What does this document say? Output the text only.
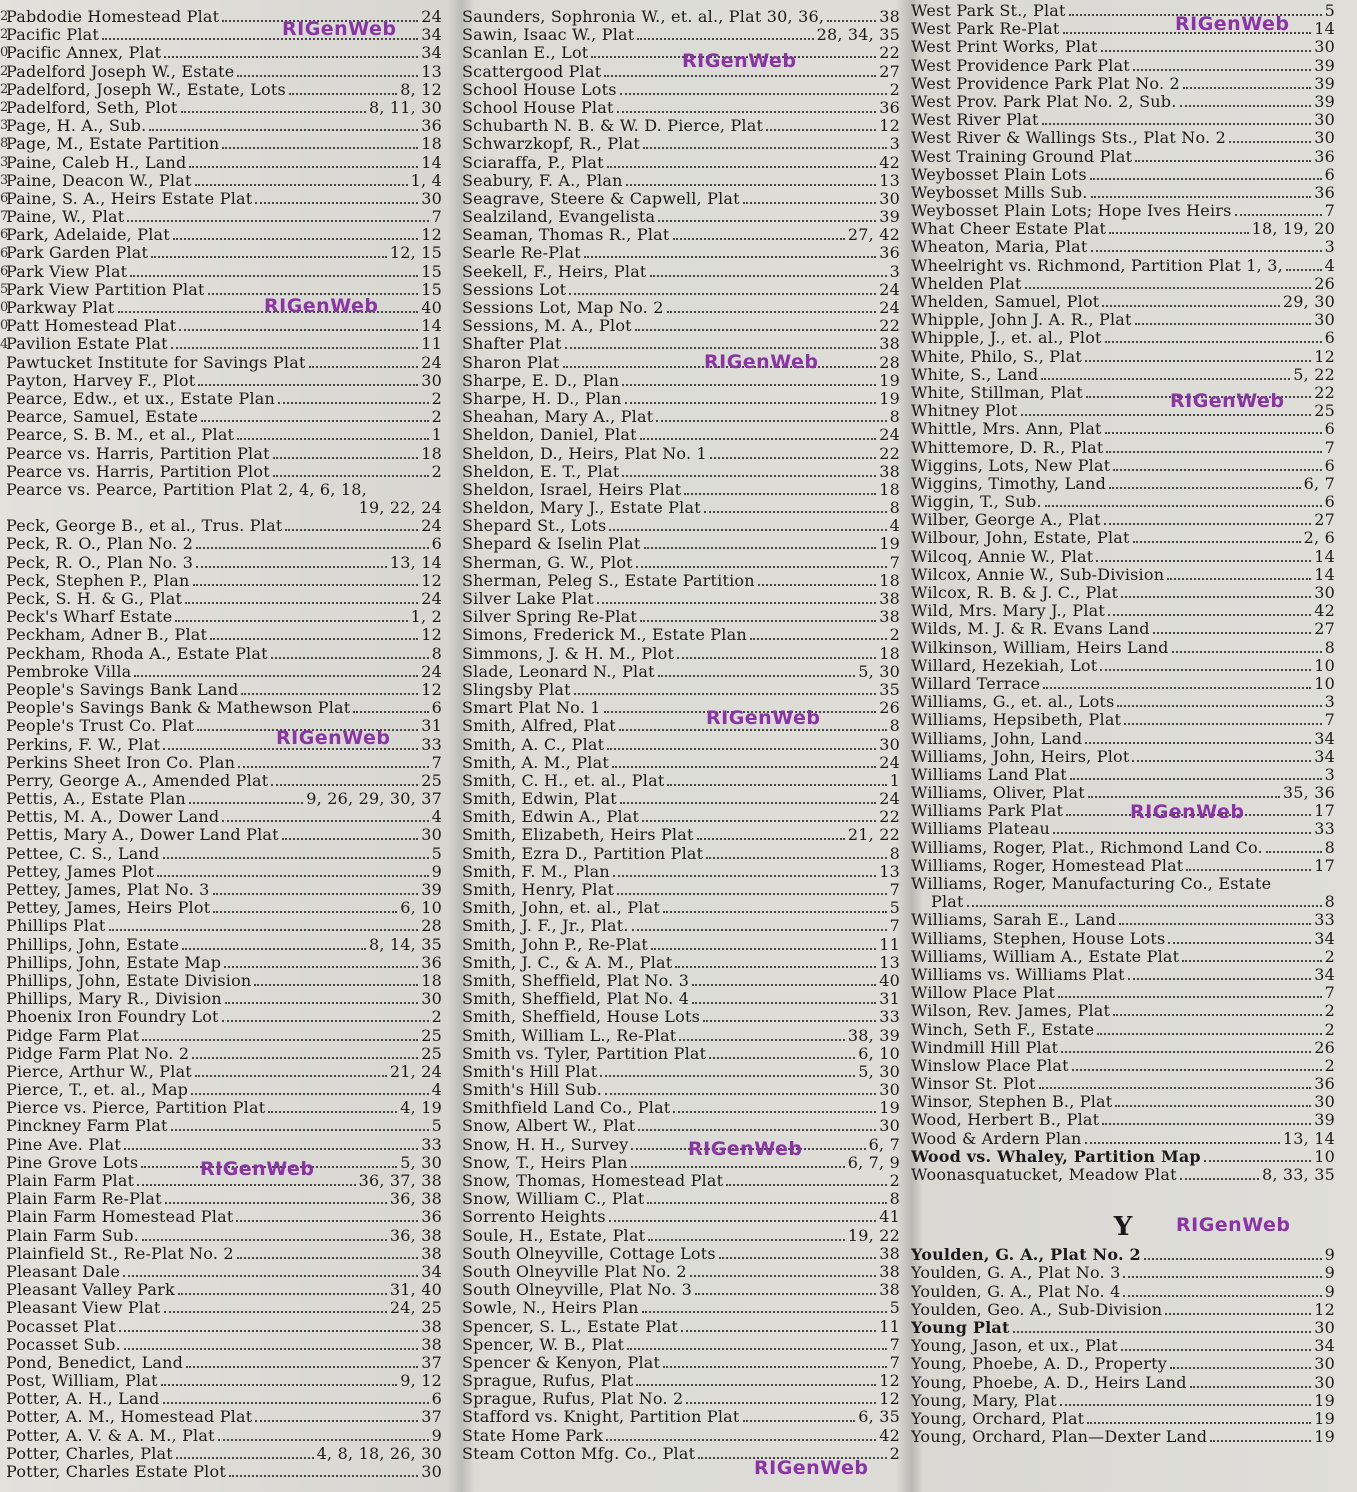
2
2
0
2
2
2
3
8
3
3
6
7
6
6
6
5
0
0
4
Pabdodie Homestead Plat	24
Pacific Plat	34
Pacific Annex, Plat	34
Padelford Joseph W., Estate	13
Padelford, Joseph W., Estate, Lots	8, 12
Padelford, Seth, Plot	8, 11, 30
Page, H. A., Sub.	36
Page, M., Estate Partition	18
Paine, Caleb H., Land	14
Paine, Deacon W., Plat	1, 4
Paine, S. A., Heirs Estate Plat	30
Paine, W., Plat	7
Park, Adelaide, Plat	12
Park Garden Plat	12, 15
Park View Plat	15
Park View Partition Plat	15
Parkway Plat	40
Patt Homestead Plat	14
Pavilion Estate Plat	11
Pawtucket Institute for Savings Plat	24
Payton, Harvey F., Plot	30
Pearce, Edw., et ux., Estate Plan	2
Pearce, Samuel, Estate	2
Pearce, S. B. M., et al., Plat	1
Pearce vs. Harris, Partition Plat	18
Pearce vs. Harris, Partition Plot	2
Pearce vs. Pearce, Partition Plat 2, 4, 6, 18,
19, 22, 24
Peck, George B., et al., Trus. Plat	24
Peck, R. O., Plan No. 2	6
Peck, R. O., Plan No. 3	13, 14
Peck, Stephen P., Plan	12
Peck, S. H. & G., Plat	24
Peck's Wharf Estate	1, 2
Peckham, Adner B., Plat	12
Peckham, Rhoda A., Estate Plat	8
Pembroke Villa	24
People's Savings Bank Land	12
People's Savings Bank & Mathewson Plat	6
People's Trust Co. Plat	31
Perkins, F. W., Plat	33
Perkins Sheet Iron Co. Plan	7
Perry, George A., Amended Plat	25
Pettis, A., Estate Plan	9, 26, 29, 30, 37
Pettis, M. A., Dower Land	4
Pettis, Mary A., Dower Land Plat	30
Pettee, C. S., Land	5
Pettey, James Plot	9
Pettey, James, Plat No. 3	39
Pettey, James, Heirs Plot	6, 10
Phillips Plat	28
Phillips, John, Estate	8, 14, 35
Phillips, John, Estate Map	36
Phillips, John, Estate Division	18
Phillips, Mary R., Division	30
Phoenix Iron Foundry Lot	2
Pidge Farm Plat	25
Pidge Farm Plat No. 2	25
Pierce, Arthur W., Plat	21, 24
Pierce, T., et. al., Map	4
Pierce vs. Pierce, Partition Plat	4, 19
Pinckney Farm Plat	5
Pine Ave. Plat	33
Pine Grove Lots	5, 30
Plain Farm Plat	36, 37, 38
Plain Farm Re-Plat	36, 38
Plain Farm Homestead Plat	36
Plain Farm Sub.	36, 38
Plainfield St., Re-Plat No. 2	38
Pleasant Dale	34
Pleasant Valley Park	31, 40
Pleasant View Plat	24, 25
Pocasset Plat	38
Pocasset Sub.	38
Pond, Benedict, Land	37
Post, William, Plat	9, 12
Potter, A. H., Land	6
Potter, A. M., Homestead Plat	37
Potter, A. V. & A. M., Plat	9
Potter, Charles, Plat	4, 8, 18, 26, 30
Potter, Charles Estate Plot	30
Saunders, Sophronia W., et. al., Plat 30, 36,	38
Sawin, Isaac W., Plat	28, 34, 35
Scanlan E., Lot	22
Scattergood Plat	27
School House Lots	2
School House Plat	36
Schubarth N. B. & W. D. Pierce, Plat	12
Schwarzkopf, R., Plat	3
Sciaraffa, P., Plat	42
Seabury, F. A., Plan	13
Seagrave, Steere & Capwell, Plat	30
Sealziland, Evangelista	39
Seaman, Thomas R., Plat	27, 42
Searle Re-Plat	36
Seekell, F., Heirs, Plat	3
Sessions Lot	24
Sessions Lot, Map No. 2	24
Sessions, M. A., Plot	22
Shafter Plat	38
Sharon Plat	28
Sharpe, E. D., Plan	19
Sharpe, H. D., Plan	19
Sheahan, Mary A., Plat	8
Sheldon, Daniel, Plat	24
Sheldon, D., Heirs, Plat No. 1	22
Sheldon, E. T., Plat	38
Sheldon, Israel, Heirs Plat	18
Sheldon, Mary J., Estate Plat	8
Shepard St., Lots	4
Shepard & Iselin Plat	19
Sherman, G. W., Plot	7
Sherman, Peleg S., Estate Partition	18
Silver Lake Plat	38
Silver Spring Re-Plat	38
Simons, Frederick M., Estate Plan	2
Simmons, J. & H. M., Plot	18
Slade, Leonard N., Plat	5, 30
Slingsby Plat	35
Smart Plat No. 1	26
Smith, Alfred, Plat	8
Smith, A. C., Plat	30
Smith, A. M., Plat	24
Smith, C. H., et. al., Plat	1
Smith, Edwin, Plat	24
Smith, Edwin A., Plat	22
Smith, Elizabeth, Heirs Plat	21, 22
Smith, Ezra D., Partition Plat	8
Smith, F. M., Plan	13
Smith, Henry, Plat	7
Smith, John, et. al., Plat	5
Smith, J. F., Jr., Plat.	7
Smith, John P., Re-Plat	11
Smith, J. C., & A. M., Plat	13
Smith, Sheffield, Plat No. 3	40
Smith, Sheffield, Plat No. 4	31
Smith, Sheffield, House Lots	33
Smith, William L., Re-Plat	38, 39
Smith vs. Tyler, Partition Plat	6, 10
Smith's Hill Plat	5, 30
Smith's Hill Sub.	30
Smithfield Land Co., Plat	19
Snow, Albert W., Plat	30
Snow, H. H., Survey	6, 7
Snow, T., Heirs Plan	6, 7, 9
Snow, Thomas, Homestead Plat	2
Snow, William C., Plat	8
Sorrento Heights	41
Soule, H., Estate, Plat	19, 22
South Olneyville, Cottage Lots	38
South Olneyville Plat No. 2	38
South Olneyville, Plat No. 3	38
Sowle, N., Heirs Plan	5
Spencer, S. L., Estate Plat	11
Spencer, W. B., Plat	7
Spencer & Kenyon, Plat	7
Sprague, Rufus, Plat	12
Sprague, Rufus, Plat No. 2	12
Stafford vs. Knight, Partition Plat	6, 35
State Home Park	42
Steam Cotton Mfg. Co., Plat	2
West Park St., Plat	5
West Park Re-Plat	14
West Print Works, Plat	30
West Providence Park Plat	39
West Providence Park Plat No. 2	39
West Prov. Park Plat No. 2, Sub.	39
West River Plat	30
West River & Wallings Sts., Plat No. 2	30
West Training Ground Plat	36
Weybosset Plain Lots	6
Weybosset Mills Sub.	36
Weybosset Plain Lots; Hope Ives Heirs	7
What Cheer Estate Plat	18, 19, 20
Wheaton, Maria, Plat	3
Wheelright vs. Richmond, Partition Plat 1, 3,	4
Whelden Plat	26
Whelden, Samuel, Plot	29, 30
Whipple, John J. A. R., Plat	30
Whipple, J., et. al., Plot	6
White, Philo, S., Plat	12
White, S., Land	5, 22
White, Stillman, Plat	22
Whitney Plot	25
Whittle, Mrs. Ann, Plat	6
Whittemore, D. R., Plat	7
Wiggins, Lots, New Plat	6
Wiggins, Timothy, Land	6, 7
Wiggin, T., Sub.	6
Wilber, George A., Plat	27
Wilbour, John, Estate, Plat	2, 6
Wilcoq, Annie W., Plat	14
Wilcox, Annie W., Sub-Division	14
Wilcox, R. B. & J. C., Plat	30
Wild, Mrs. Mary J., Plat	42
Wilds, M. J. & R. Evans Land	27
Wilkinson, William, Heirs Land	8
Willard, Hezekiah, Lot	10
Willard Terrace	10
Williams, G., et. al., Lots	3
Williams, Hepsibeth, Plat	7
Williams, John, Land	34
Williams, John, Heirs, Plot	34
Williams Land Plat	3
Williams, Oliver, Plat	35, 36
Williams Park Plat	17
Williams Plateau	33
Williams, Roger, Plat., Richmond Land Co.	8
Williams, Roger, Homestead Plat	17
Williams, Roger, Manufacturing Co., Estate
Plat	8
Williams, Sarah E., Land	33
Williams, Stephen, House Lots	34
Williams, William A., Estate Plat	2
Williams vs. Williams Plat	34
Willow Place Plat	7
Wilson, Rev. James, Plat	2
Winch, Seth F., Estate	2
Windmill Hill Plat	26
Winslow Place Plat	2
Winsor St. Plot	36
Winsor, Stephen B., Plat	30
Wood, Herbert B., Plat	39
Wood & Ardern Plan	13, 14
Wood vs. Whaley, Partition Map	10
Woonasquatucket, Meadow Plat	8, 33, 35
Y
Youlden, G. A., Plat No. 2	9
Youlden, G. A., Plat No. 3	9
Youlden, G. A., Plat No. 4	9
Youlden, Geo. A., Sub-Division	12
Young Plat	30
Young, Jason, et ux., Plat	34
Young, Phoebe, A. D., Property	30
Young, Phoebe, A. D., Heirs Land	30
Young, Mary, Plat	19
Young, Orchard, Plat	19
Young, Orchard, Plan—Dexter Land	19
RIGenWeb
RIGenWeb
RIGenWeb
RIGenWeb
RIGenWeb
RIGenWeb
RIGenWeb
RIGenWeb
RIGenWeb
RIGenWeb
RIGenWeb
RIGenWeb
RIGenWeb
